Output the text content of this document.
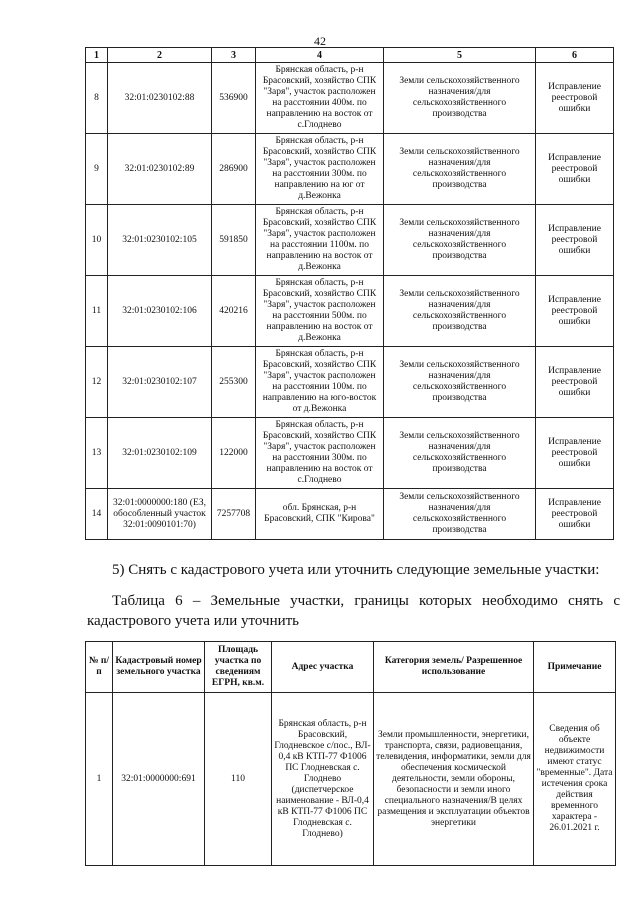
42
1	2	3	4	5	6
8	32:01:0230102:88	536900	Брянская область, р-н Брасовский, хозяйство СПК "Заря", участок расположен на расстоянии 400м. по направлению на восток от с.Глоднево	Земли сельскохозяйственного назначения/для сельскохозяйственного производства	Исправление реестровой ошибки
9	32:01:0230102:89	286900	Брянская область, р-н Брасовский, хозяйство СПК "Заря", участок расположен на расстоянии 300м. по направлению на юг от д.Вежонка	Земли сельскохозяйственного назначения/для сельскохозяйственного производства	Исправление реестровой ошибки
10	32:01:0230102:105	591850	Брянская область, р-н Брасовский, хозяйство СПК "Заря", участок расположен на расстоянии 1100м. по направлению на восток от д.Вежонка	Земли сельскохозяйственного назначения/для сельскохозяйственного производства	Исправление реестровой ошибки
11	32:01:0230102:106	420216	Брянская область, р-н Брасовский, хозяйство СПК "Заря", участок расположен на расстоянии 500м. по направлению на восток от д.Вежонка	Земли сельскохозяйственного назначения/для сельскохозяйственного производства	Исправление реестровой ошибки
12	32:01:0230102:107	255300	Брянская область, р-н Брасовский, хозяйство СПК "Заря", участок расположен на расстоянии 100м. по направлению на юго-восток от д.Вежонка	Земли сельскохозяйственного назначения/для сельскохозяйственного производства	Исправление реестровой ошибки
13	32:01:0230102:109	122000	Брянская область, р-н Брасовский, хозяйство СПК "Заря", участок расположен на расстоянии 300м. по направлению на восток от с.Глоднево	Земли сельскохозяйственного назначения/для сельскохозяйственного производства	Исправление реестровой ошибки
14	32:01:0000000:180 (ЕЗ, обособленный участок 32:01:0090101:70)	7257708	обл. Брянская, р-н Брасовский, СПК "Кирова"	Земли сельскохозяйственного назначения/для сельскохозяйственного производства	Исправление реестровой ошибки
5) Снять с кадастрового учета или уточнить следующие земельные участки:
Таблица 6 – Земельные участки, границы которых необходимо снять с
кадастрового учета или уточнить
№ п/п	Кадастровый номер земельного участка	Площадь участка по сведениям ЕГРН, кв.м.	Адрес участка	Категория земель/ Разрешенное использование	Примечание
1	32:01:0000000:691	110	Брянская область, р-н Брасовский, Глодневское с/пос., ВЛ- 0,4 кВ КТП-77 Ф1006 ПС Глодневская с. Глоднево (диспетчерское наименование - ВЛ-0,4 кВ КТП-77 Ф1006 ПС Глодневская с. Глоднево)	Земли промышленности, энергетики, транспорта, связи, радиовещания, телевидения, информатики, земли для обеспечения космической деятельности, земли обороны, безопасности и земли иного специального назначения/В целях размещения и эксплуатации объектов энергетики	Сведения об объекте недвижимости имеют статус "временные". Дата истечения срока действия временного характера - 26.01.2021 г.
